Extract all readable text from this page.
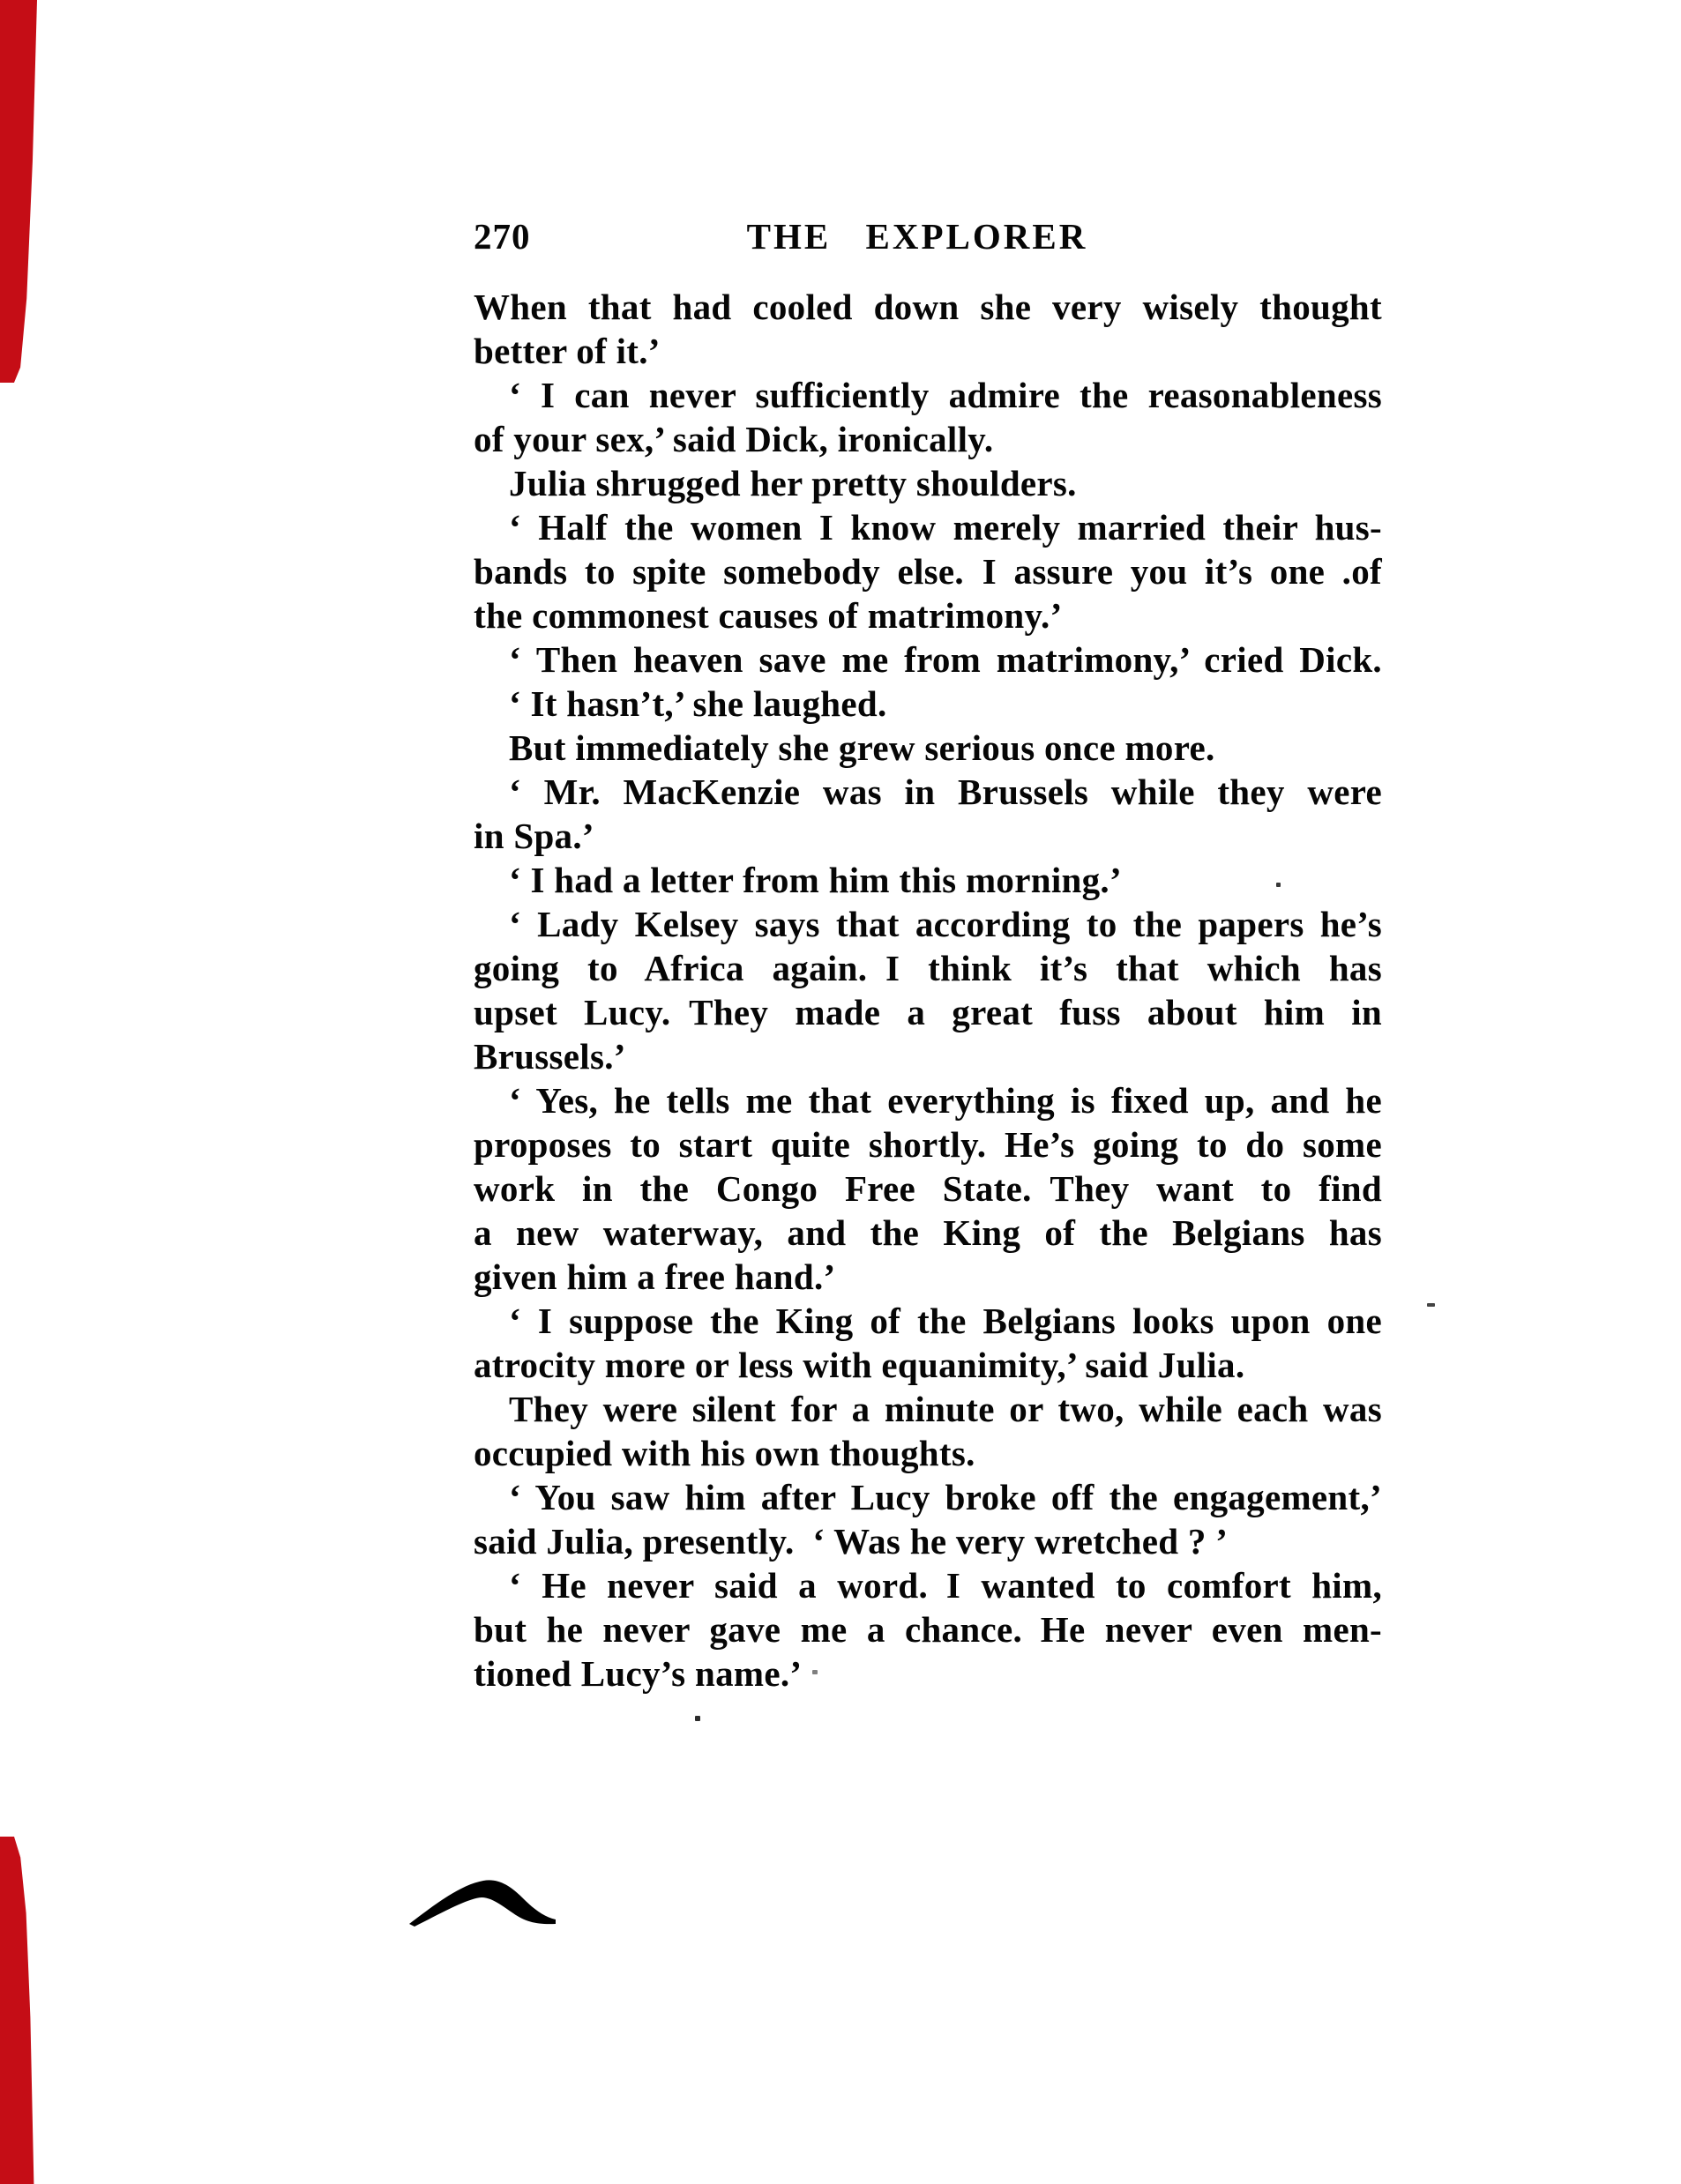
270	THE EXPLORER
When that had cooled down she very wisely thought
better of it.’
‘ I can never sufficiently admire the reasonableness
of your sex,’ said Dick, ironically.
Julia shrugged her pretty shoulders.
‘ Half the women I know merely married their hus-
bands to spite somebody else. I assure you it’s one .of
the commonest causes of matrimony.’
‘ Then heaven save me from matrimony,’ cried Dick.
‘ It hasn’t,’ she laughed.
But immediately she grew serious once more.
‘ Mr. MacKenzie was in Brussels while they were
in Spa.’
‘ I had a letter from him this morning.’
‘ Lady Kelsey says that according to the papers he’s
going to Africa again. I think it’s that which has
upset Lucy. They made a great fuss about him in
Brussels.’
‘ Yes, he tells me that everything is fixed up, and he
proposes to start quite shortly. He’s going to do some
work in the Congo Free State. They want to find
a new waterway, and the King of the Belgians has
given him a free hand.’
‘ I suppose the King of the Belgians looks upon one
atrocity more or less with equanimity,’ said Julia.
They were silent for a minute or two, while each was
occupied with his own thoughts.
‘ You saw him after Lucy broke off the engagement,’
said Julia, presently. ‘ Was he very wretched ? ’
‘ He never said a word. I wanted to comfort him,
but he never gave me a chance. He never even men-
tioned Lucy’s name.’
